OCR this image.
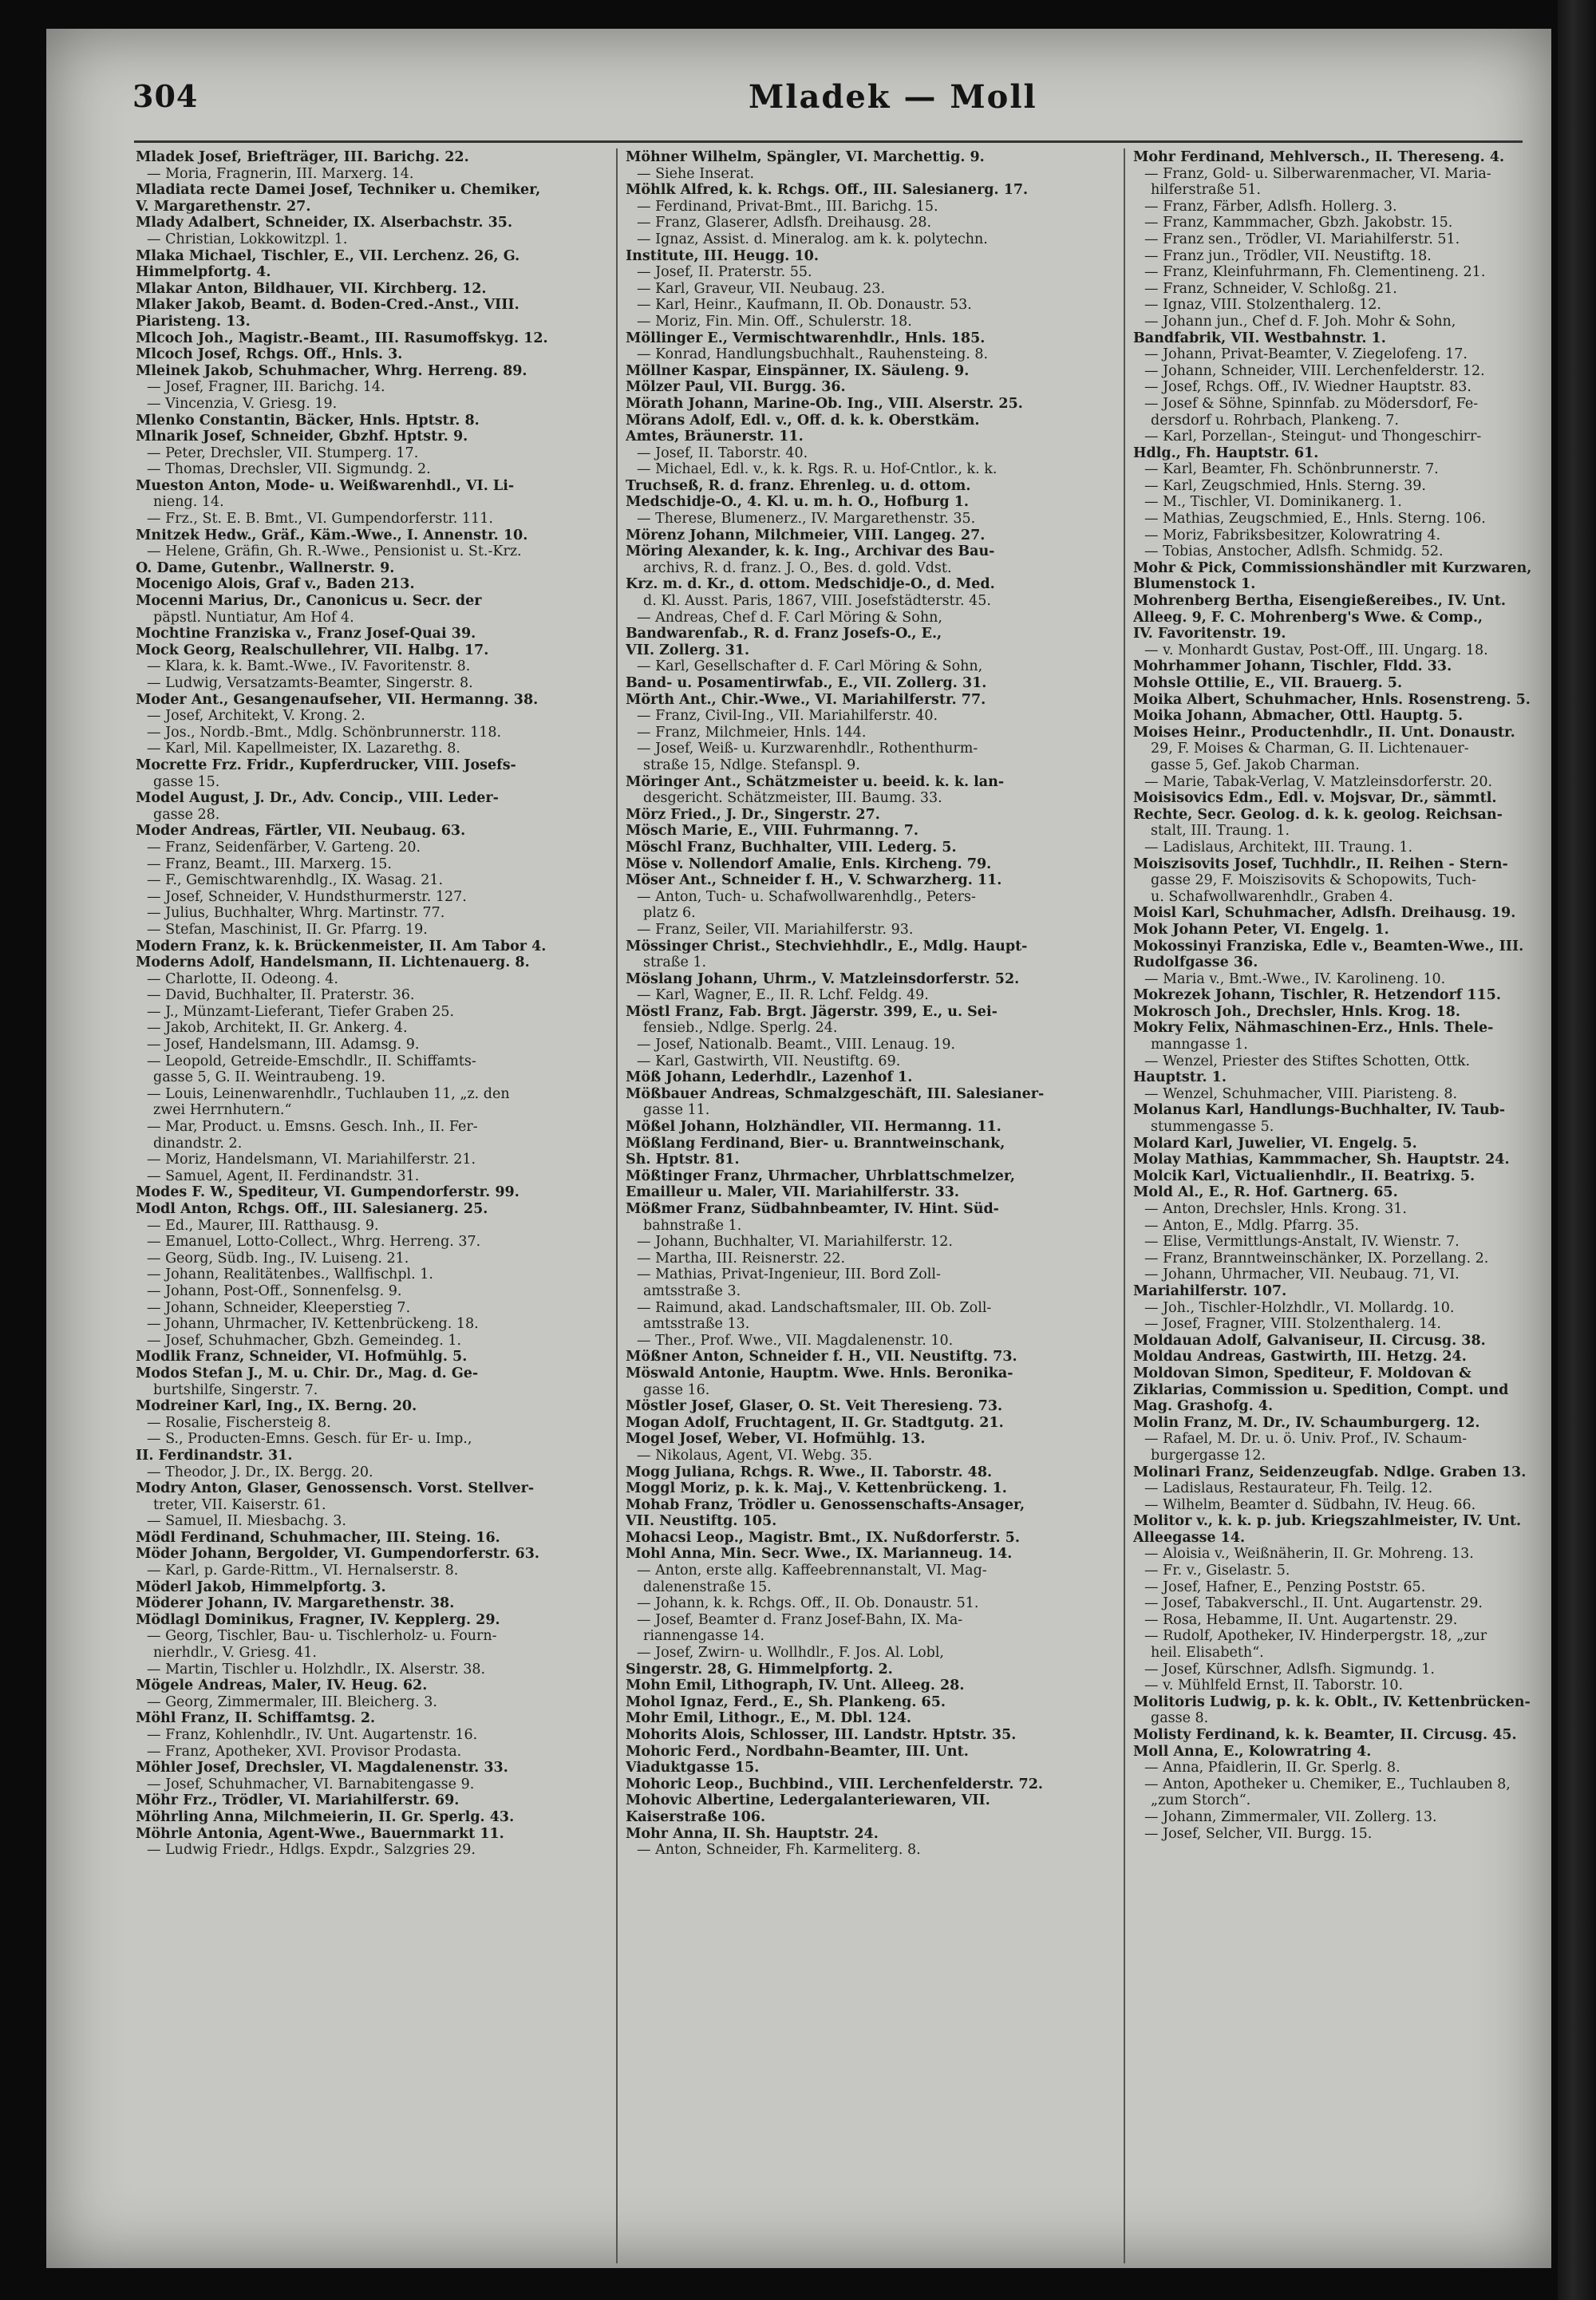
304	Mladek — Moll
Mladek Josef, Briefträger, III. Barichg. 22.
— Moria, Fragnerin, III. Marxerg. 14.
Mladiata recte Damei Josef, Techniker u. Chemiker,
V. Margarethenstr. 27.
Mlady Adalbert, Schneider, IX. Alserbachstr. 35.
— Christian, Lokkowitzpl. 1.
Mlaka Michael, Tischler, E., VII. Lerchenz. 26, G.
Himmelpfortg. 4.
Mlakar Anton, Bildhauer, VII. Kirchberg. 12.
Mlaker Jakob, Beamt. d. Boden-Cred.-Anst., VIII.
Piaristeng. 13.
Mlcoch Joh., Magistr.-Beamt., III. Rasumoffskyg. 12.
Mlcoch Josef, Rchgs. Off., Hnls. 3.
Mleinek Jakob, Schuhmacher, Whrg. Herreng. 89.
— Josef, Fragner, III. Barichg. 14.
— Vincenzia, V. Griesg. 19.
Mlenko Constantin, Bäcker, Hnls. Hptstr. 8.
Mlnarik Josef, Schneider, Gbzhf. Hptstr. 9.
— Peter, Drechsler, VII. Stumperg. 17.
— Thomas, Drechsler, VII. Sigmundg. 2.
Mueston Anton, Mode- u. Weißwarenhdl., VI. Li-
nieng. 14.
— Frz., St. E. B. Bmt., VI. Gumpendorferstr. 111.
Mnitzek Hedw., Gräf., Käm.-Wwe., I. Annenstr. 10.
— Helene, Gräfin, Gh. R.-Wwe., Pensionist u. St.-Krz.
O. Dame, Gutenbr., Wallnerstr. 9.
Mocenigo Alois, Graf v., Baden 213.
Mocenni Marius, Dr., Canonicus u. Secr. der
päpstl. Nuntiatur, Am Hof 4.
Mochtine Franziska v., Franz Josef-Quai 39.
Mock Georg, Realschullehrer, VII. Halbg. 17.
— Klara, k. k. Bamt.-Wwe., IV. Favoritenstr. 8.
— Ludwig, Versatzamts-Beamter, Singerstr. 8.
Moder Ant., Gesangenaufseher, VII. Hermanng. 38.
— Josef, Architekt, V. Krong. 2.
— Jos., Nordb.-Bmt., Mdlg. Schönbrunnerstr. 118.
— Karl, Mil. Kapellmeister, IX. Lazarethg. 8.
Mocrette Frz. Fridr., Kupferdrucker, VIII. Josefs-
gasse 15.
Model August, J. Dr., Adv. Concip., VIII. Leder-
gasse 28.
Moder Andreas, Färtler, VII. Neubaug. 63.
— Franz, Seidenfärber, V. Garteng. 20.
— Franz, Beamt., III. Marxerg. 15.
— F., Gemischtwarenhdlg., IX. Wasag. 21.
— Josef, Schneider, V. Hundsthurmerstr. 127.
— Julius, Buchhalter, Whrg. Martinstr. 77.
— Stefan, Maschinist, II. Gr. Pfarrg. 19.
Modern Franz, k. k. Brückenmeister, II. Am Tabor 4.
Moderns Adolf, Handelsmann, II. Lichtenauerg. 8.
— Charlotte, II. Odeong. 4.
— David, Buchhalter, II. Praterstr. 36.
— J., Münzamt-Lieferant, Tiefer Graben 25.
— Jakob, Architekt, II. Gr. Ankerg. 4.
— Josef, Handelsmann, III. Adamsg. 9.
— Leopold, Getreide-Emschdlr., II. Schiffamts-
gasse 5, G. II. Weintraubeng. 19.
— Louis, Leinenwarenhdlr., Tuchlauben 11, „z. den
zwei Herrnhutern.“
— Mar, Product. u. Emsns. Gesch. Inh., II. Fer-
dinandstr. 2.
— Moriz, Handelsmann, VI. Mariahilferstr. 21.
— Samuel, Agent, II. Ferdinandstr. 31.
Modes F. W., Spediteur, VI. Gumpendorferstr. 99.
Modl Anton, Rchgs. Off., III. Salesianerg. 25.
— Ed., Maurer, III. Ratthausg. 9.
— Emanuel, Lotto-Collect., Whrg. Herreng. 37.
— Georg, Südb. Ing., IV. Luiseng. 21.
— Johann, Realitätenbes., Wallfischpl. 1.
— Johann, Post-Off., Sonnenfelsg. 9.
— Johann, Schneider, Kleeperstieg 7.
— Johann, Uhrmacher, IV. Kettenbrückeng. 18.
— Josef, Schuhmacher, Gbzh. Gemeindeg. 1.
Modlik Franz, Schneider, VI. Hofmühlg. 5.
Modos Stefan J., M. u. Chir. Dr., Mag. d. Ge-
burtshilfe, Singerstr. 7.
Modreiner Karl, Ing., IX. Berng. 20.
— Rosalie, Fischersteig 8.
— S., Producten-Emns. Gesch. für Er- u. Imp.,
II. Ferdinandstr. 31.
— Theodor, J. Dr., IX. Bergg. 20.
Modry Anton, Glaser, Genossensch. Vorst. Stellver-
treter, VII. Kaiserstr. 61.
— Samuel, II. Miesbachg. 3.
Mödl Ferdinand, Schuhmacher, III. Steing. 16.
Möder Johann, Bergolder, VI. Gumpendorferstr. 63.
— Karl, p. Garde-Rittm., VI. Hernalserstr. 8.
Möderl Jakob, Himmelpfortg. 3.
Möderer Johann, IV. Margarethenstr. 38.
Mödlagl Dominikus, Fragner, IV. Kepplerg. 29.
— Georg, Tischler, Bau- u. Tischlerholz- u. Fourn-
nierhdlr., V. Griesg. 41.
— Martin, Tischler u. Holzhdlr., IX. Alserstr. 38.
Mögele Andreas, Maler, IV. Heug. 62.
— Georg, Zimmermaler, III. Bleicherg. 3.
Möhl Franz, II. Schiffamtsg. 2.
— Franz, Kohlenhdlr., IV. Unt. Augartenstr. 16.
— Franz, Apotheker, XVI. Provisor Prodasta.
Möhler Josef, Drechsler, VI. Magdalenenstr. 33.
— Josef, Schuhmacher, VI. Barnabitengasse 9.
Möhr Frz., Trödler, VI. Mariahilferstr. 69.
Möhrling Anna, Milchmeierin, II. Gr. Sperlg. 43.
Möhrle Antonia, Agent-Wwe., Bauernmarkt 11.
— Ludwig Friedr., Hdlgs. Expdr., Salzgries 29.
Möhner Wilhelm, Spängler, VI. Marchettig. 9.
— Siehe Inserat.
Möhlk Alfred, k. k. Rchgs. Off., III. Salesianerg. 17.
— Ferdinand, Privat-Bmt., III. Barichg. 15.
— Franz, Glaserer, Adlsfh. Dreihausg. 28.
— Ignaz, Assist. d. Mineralog. am k. k. polytechn.
Institute, III. Heugg. 10.
— Josef, II. Praterstr. 55.
— Karl, Graveur, VII. Neubaug. 23.
— Karl, Heinr., Kaufmann, II. Ob. Donaustr. 53.
— Moriz, Fin. Min. Off., Schulerstr. 18.
Möllinger E., Vermischtwarenhdlr., Hnls. 185.
— Konrad, Handlungsbuchhalt., Rauhensteing. 8.
Möllner Kaspar, Einspänner, IX. Säuleng. 9.
Mölzer Paul, VII. Burgg. 36.
Mörath Johann, Marine-Ob. Ing., VIII. Alserstr. 25.
Mörans Adolf, Edl. v., Off. d. k. k. Oberstkäm.
Amtes, Bräunerstr. 11.
— Josef, II. Taborstr. 40.
— Michael, Edl. v., k. k. Rgs. R. u. Hof-Cntlor., k. k.
Truchseß, R. d. franz. Ehrenleg. u. d. ottom.
Medschidje-O., 4. Kl. u. m. h. O., Hofburg 1.
— Therese, Blumenerz., IV. Margarethenstr. 35.
Mörenz Johann, Milchmeier, VIII. Langeg. 27.
Möring Alexander, k. k. Ing., Archivar des Bau-
archivs, R. d. franz. J. O., Bes. d. gold. Vdst.
Krz. m. d. Kr., d. ottom. Medschidje-O., d. Med.
d. Kl. Ausst. Paris, 1867, VIII. Josefstädterstr. 45.
— Andreas, Chef d. F. Carl Möring & Sohn,
Bandwarenfab., R. d. Franz Josefs-O., E.,
VII. Zollerg. 31.
— Karl, Gesellschafter d. F. Carl Möring & Sohn,
Band- u. Posamentirwfab., E., VII. Zollerg. 31.
Mörth Ant., Chir.-Wwe., VI. Mariahilferstr. 77.
— Franz, Civil-Ing., VII. Mariahilferstr. 40.
— Franz, Milchmeier, Hnls. 144.
— Josef, Weiß- u. Kurzwarenhdlr., Rothenthurm-
straße 15, Ndlge. Stefanspl. 9.
Möringer Ant., Schätzmeister u. beeid. k. k. lan-
desgericht. Schätzmeister, III. Baumg. 33.
Mörz Fried., J. Dr., Singerstr. 27.
Mösch Marie, E., VIII. Fuhrmanng. 7.
Möschl Franz, Buchhalter, VIII. Lederg. 5.
Möse v. Nollendorf Amalie, Enls. Kircheng. 79.
Möser Ant., Schneider f. H., V. Schwarzherg. 11.
— Anton, Tuch- u. Schafwollwarenhdlg., Peters-
platz 6.
— Franz, Seiler, VII. Mariahilferstr. 93.
Mössinger Christ., Stechviehhdlr., E., Mdlg. Haupt-
straße 1.
Möslang Johann, Uhrm., V. Matzleinsdorferstr. 52.
— Karl, Wagner, E., II. R. Lchf. Feldg. 49.
Möstl Franz, Fab. Brgt. Jägerstr. 399, E., u. Sei-
fensieb., Ndlge. Sperlg. 24.
— Josef, Nationalb. Beamt., VIII. Lenaug. 19.
— Karl, Gastwirth, VII. Neustiftg. 69.
Möß Johann, Lederhdlr., Lazenhof 1.
Mößbauer Andreas, Schmalzgeschäft, III. Salesianer-
gasse 11.
Mößel Johann, Holzhändler, VII. Hermanng. 11.
Mößlang Ferdinand, Bier- u. Branntweinschank,
Sh. Hptstr. 81.
Mößtinger Franz, Uhrmacher, Uhrblattschmelzer,
Emailleur u. Maler, VII. Mariahilferstr. 33.
Mößmer Franz, Südbahnbeamter, IV. Hint. Süd-
bahnstraße 1.
— Johann, Buchhalter, VI. Mariahilferstr. 12.
— Martha, III. Reisnerstr. 22.
— Mathias, Privat-Ingenieur, III. Bord Zoll-
amtsstraße 3.
— Raimund, akad. Landschaftsmaler, III. Ob. Zoll-
amtsstraße 13.
— Ther., Prof. Wwe., VII. Magdalenenstr. 10.
Mößner Anton, Schneider f. H., VII. Neustiftg. 73.
Möswald Antonie, Hauptm. Wwe. Hnls. Beronika-
gasse 16.
Möstler Josef, Glaser, O. St. Veit Theresieng. 73.
Mogan Adolf, Fruchtagent, II. Gr. Stadtgutg. 21.
Mogel Josef, Weber, VI. Hofmühlg. 13.
— Nikolaus, Agent, VI. Webg. 35.
Mogg Juliana, Rchgs. R. Wwe., II. Taborstr. 48.
Moggl Moriz, p. k. k. Maj., V. Kettenbrückeng. 1.
Mohab Franz, Trödler u. Genossenschafts-Ansager,
VII. Neustiftg. 105.
Mohacsi Leop., Magistr. Bmt., IX. Nußdorferstr. 5.
Mohl Anna, Min. Secr. Wwe., IX. Marianneug. 14.
— Anton, erste allg. Kaffeebrennanstalt, VI. Mag-
dalenenstraße 15.
— Johann, k. k. Rchgs. Off., II. Ob. Donaustr. 51.
— Josef, Beamter d. Franz Josef-Bahn, IX. Ma-
riannengasse 14.
— Josef, Zwirn- u. Wollhdlr., F. Jos. Al. Lobl,
Singerstr. 28, G. Himmelpfortg. 2.
Mohn Emil, Lithograph, IV. Unt. Alleeg. 28.
Mohol Ignaz, Ferd., E., Sh. Plankeng. 65.
Mohr Emil, Lithogr., E., M. Dbl. 124.
Mohorits Alois, Schlosser, III. Landstr. Hptstr. 35.
Mohoric Ferd., Nordbahn-Beamter, III. Unt.
Viaduktgasse 15.
Mohoric Leop., Buchbind., VIII. Lerchenfelderstr. 72.
Mohovic Albertine, Ledergalanteriewaren, VII.
Kaiserstraße 106.
Mohr Anna, II. Sh. Hauptstr. 24.
— Anton, Schneider, Fh. Karmeliterg. 8.
Mohr Ferdinand, Mehlversch., II. Thereseng. 4.
— Franz, Gold- u. Silberwarenmacher, VI. Maria-
hilferstraße 51.
— Franz, Färber, Adlsfh. Hollerg. 3.
— Franz, Kammmacher, Gbzh. Jakobstr. 15.
— Franz sen., Trödler, VI. Mariahilferstr. 51.
— Franz jun., Trödler, VII. Neustiftg. 18.
— Franz, Kleinfuhrmann, Fh. Clementineng. 21.
— Franz, Schneider, V. Schloßg. 21.
— Ignaz, VIII. Stolzenthalerg. 12.
— Johann jun., Chef d. F. Joh. Mohr & Sohn,
Bandfabrik, VII. Westbahnstr. 1.
— Johann, Privat-Beamter, V. Ziegelofeng. 17.
— Johann, Schneider, VIII. Lerchenfelderstr. 12.
— Josef, Rchgs. Off., IV. Wiedner Hauptstr. 83.
— Josef & Söhne, Spinnfab. zu Mödersdorf, Fe-
dersdorf u. Rohrbach, Plankeng. 7.
— Karl, Porzellan-, Steingut- und Thongeschirr-
Hdlg., Fh. Hauptstr. 61.
— Karl, Beamter, Fh. Schönbrunnerstr. 7.
— Karl, Zeugschmied, Hnls. Sterng. 39.
— M., Tischler, VI. Dominikanerg. 1.
— Mathias, Zeugschmied, E., Hnls. Sterng. 106.
— Moriz, Fabriksbesitzer, Kolowratring 4.
— Tobias, Anstocher, Adlsfh. Schmidg. 52.
Mohr & Pick, Commissionshändler mit Kurzwaren,
Blumenstock 1.
Mohrenberg Bertha, Eisengießereibes., IV. Unt.
Alleeg. 9, F. C. Mohrenberg's Wwe. & Comp.,
IV. Favoritenstr. 19.
— v. Monhardt Gustav, Post-Off., III. Ungarg. 18.
Mohrhammer Johann, Tischler, Fldd. 33.
Mohsle Ottilie, E., VII. Brauerg. 5.
Moika Albert, Schuhmacher, Hnls. Rosenstreng. 5.
Moika Johann, Abmacher, Ottl. Hauptg. 5.
Moises Heinr., Productenhdlr., II. Unt. Donaustr.
29, F. Moises & Charman, G. II. Lichtenauer-
gasse 5, Gef. Jakob Charman.
— Marie, Tabak-Verlag, V. Matzleinsdorferstr. 20.
Moisisovics Edm., Edl. v. Mojsvar, Dr., sämmtl.
Rechte, Secr. Geolog. d. k. k. geolog. Reichsan-
stalt, III. Traung. 1.
— Ladislaus, Architekt, III. Traung. 1.
Moiszisovits Josef, Tuchhdlr., II. Reihen - Stern-
gasse 29, F. Moiszisovits & Schopowits, Tuch-
u. Schafwollwarenhdlr., Graben 4.
Moisl Karl, Schuhmacher, Adlsfh. Dreihausg. 19.
Mok Johann Peter, VI. Engelg. 1.
Mokossinyi Franziska, Edle v., Beamten-Wwe., III.
Rudolfgasse 36.
— Maria v., Bmt.-Wwe., IV. Karolineng. 10.
Mokrezek Johann, Tischler, R. Hetzendorf 115.
Mokrosch Joh., Drechsler, Hnls. Krog. 18.
Mokry Felix, Nähmaschinen-Erz., Hnls. Thele-
manngasse 1.
— Wenzel, Priester des Stiftes Schotten, Ottk.
Hauptstr. 1.
— Wenzel, Schuhmacher, VIII. Piaristeng. 8.
Molanus Karl, Handlungs-Buchhalter, IV. Taub-
stummengasse 5.
Molard Karl, Juwelier, VI. Engelg. 5.
Molay Mathias, Kammmacher, Sh. Hauptstr. 24.
Molcik Karl, Victualienhdlr., II. Beatrixg. 5.
Mold Al., E., R. Hof. Gartnerg. 65.
— Anton, Drechsler, Hnls. Krong. 31.
— Anton, E., Mdlg. Pfarrg. 35.
— Elise, Vermittlungs-Anstalt, IV. Wienstr. 7.
— Franz, Branntweinschänker, IX. Porzellang. 2.
— Johann, Uhrmacher, VII. Neubaug. 71, VI.
Mariahilferstr. 107.
— Joh., Tischler-Holzhdlr., VI. Mollardg. 10.
— Josef, Fragner, VIII. Stolzenthalerg. 14.
Moldauan Adolf, Galvaniseur, II. Circusg. 38.
Moldau Andreas, Gastwirth, III. Hetzg. 24.
Moldovan Simon, Spediteur, F. Moldovan &
Ziklarias, Commission u. Spedition, Compt. und
Mag. Grashofg. 4.
Molin Franz, M. Dr., IV. Schaumburgerg. 12.
— Rafael, M. Dr. u. ö. Univ. Prof., IV. Schaum-
burgergasse 12.
Molinari Franz, Seidenzeugfab. Ndlge. Graben 13.
— Ladislaus, Restaurateur, Fh. Teilg. 12.
— Wilhelm, Beamter d. Südbahn, IV. Heug. 66.
Molitor v., k. k. p. jub. Kriegszahlmeister, IV. Unt.
Alleegasse 14.
— Aloisia v., Weißnäherin, II. Gr. Mohreng. 13.
— Fr. v., Giselastr. 5.
— Josef, Hafner, E., Penzing Poststr. 65.
— Josef, Tabakverschl., II. Unt. Augartenstr. 29.
— Rosa, Hebamme, II. Unt. Augartenstr. 29.
— Rudolf, Apotheker, IV. Hinderpergstr. 18, „zur
heil. Elisabeth“.
— Josef, Kürschner, Adlsfh. Sigmundg. 1.
— v. Mühlfeld Ernst, II. Taborstr. 10.
Molitoris Ludwig, p. k. k. Oblt., IV. Kettenbrücken-
gasse 8.
Molisty Ferdinand, k. k. Beamter, II. Circusg. 45.
Moll Anna, E., Kolowratring 4.
— Anna, Pfaidlerin, II. Gr. Sperlg. 8.
— Anton, Apotheker u. Chemiker, E., Tuchlauben 8,
„zum Storch“.
— Johann, Zimmermaler, VII. Zollerg. 13.
— Josef, Selcher, VII. Burgg. 15.
